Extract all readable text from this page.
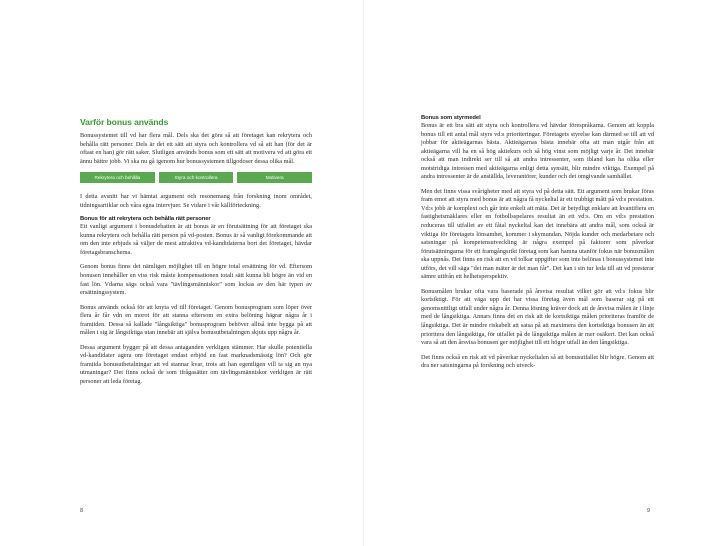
Varför bonus används

Bonussystemet till vd har flera mål. Dels ska det göra så att företaget kan rekrytera och behålla rätt personer. Dels är det ett sätt att styra och kontrollera vd så att han (för det är oftast en han) gör rätt saker. Slutligen används bonus som ett sätt att motivera vd att göra ett ännu bättre jobb. Vi ska nu gå igenom hur bonussystemen tillgodoser dessa olika mål.

Rekrytera och behålla	Styra och kontrollera	Motivera

I detta avsnitt har vi hämtat argument och resonemang från forskning inom området, tidningsartiklar och våra egna intervjuer. Se vidare i vår källförteckning.

Bonus för att rekrytera och behålla rätt personer

Ett vanligt argument i bonusdebatten är att bonus är en förutsättning för att företaget ska kunna rekrytera och behålla rätt person på vd-posten. Bonus är så vanligt förekommande att om den inte erbjuds så väljer de mest attraktiva vd-kandidaterna bort det företaget, hävdar företagsbranscherna.

Genom bonus finns det nämligen möjlighet till en högre total ersättning för vd. Eftersom bonusen innehåller en viss risk måste kompensationen totalt sätt kunna bli högre än vid en fast lön. Vdarna sägs också vara "tävlingsmänniskor" som lockas av den här typen av ersättningssystem.

Bonus används också för att knyta vd till företaget. Genom bonusprogram som löper över flera år får vdn en morot för att stanna eftersom en extra belöning hägrar några år i framtiden. Dessa så kallade "långsiktiga" bonusprogram behöver alltså inte bygga på att målen i sig är långsiktiga utan innebär att själva bonusutbetalningen skjuts upp några år.

Dessa argument bygger på att dessa antaganden verkligen stämmer. Har skulle potentiella vd-kandidater agera om företaget endast erbjöd en fast marknadsmässig lön? Och gör framtida bonusutbetalningar att vd stannar kvar, trots att han egentligen vill ta sig an nya utmaningar? Det finns också de som ifrågasätter om tävlingsmänniskor verkligen är rätt personer att leda företag.

8
Bonus som styrmedel

Bonus är ett bra sätt att styra och kontrollera vd hävdar förespråkarna. Genom att koppla bonus till ett antal mål styrs vd:s prioriteringar. Företagets styrelse kan därmed se till att vd jobbar för aktieägarnas bästa. Aktieägarnas bästa innebär ofta att man utgår från att aktieägarna vill ha en så hög aktiekurs och så hög vinst som möjligt varje år. Det innebär också att man indirekt ser till så att andra intressenter, som ibland kan ha olika eller motstridiga intressen med aktieägarna enligt detta synsätt, blir mindre viktiga. Exempel på andra intressenter är de anställda, leverantörer, kunder och det omgivande samhället.

Men det finns vissa svårigheter med att styra vd på detta sätt. Ett argument som brukar föras fram emot att styra med bonus är att några få nyckeltal är ett trubbigt mått på vd:s prestation. Vd:s jobb är komplext och går inte enkelt att mäta. Det är betydligt enklare att kvantifiera en fastighetsmäklares eller en fotbollsspelares resultat än ett vd:s. Om en vd:s prestation reduceras till utfallet av ett fåtal nyckeltal kan det innebära att andra mål, som också är viktiga för företagets lönsamhet, kommer i skymundan. Nöjda kunder och medarbetare och satsningar på kompetensutveckling är några exempel på faktorer som påverkar förutsättningarna för ett framgångsrikt företag som kan hamna utanför fokus när bonusmålen ska uppnås. Det finns en risk att en vd tolkar uppgifter som inte belönas i bonussystemet inte utförs, det vill säga "det man mäter är det man får". Det kan i sin tur leda till att vd presterar sämre utifrån ett helhetsperspektiv.

Bonusmålen brukar ofta vara baserade på årsvisa resultat vilket gör att vd:s fokus blir kortsiktigt. För att väga upp det har vissa företag även mål som baserar sig på ett genomsnittligt utfall under några år. Denna lösning kräver dock att de årsvisa målen är i linje med de långsiktiga. Annars finns det en risk att de kortsiktiga målen prioriteras framför de långsiktiga. Det är mindre riskabelt att satsa på att maximera den kortsiktiga bonusen än att prioritera den långsiktiga, för utfallet på de långsiktiga målen är mer osäkert. Det kan också vara så att den årsvisa bonusen ger möjlighet till ett högre utfall än den långsiktiga.

Det finns också en risk att vd påverkar nyckeltalen så att bonusutfallet blir högre. Genom att dra ner satsningarna på forskning och utveck-

9
